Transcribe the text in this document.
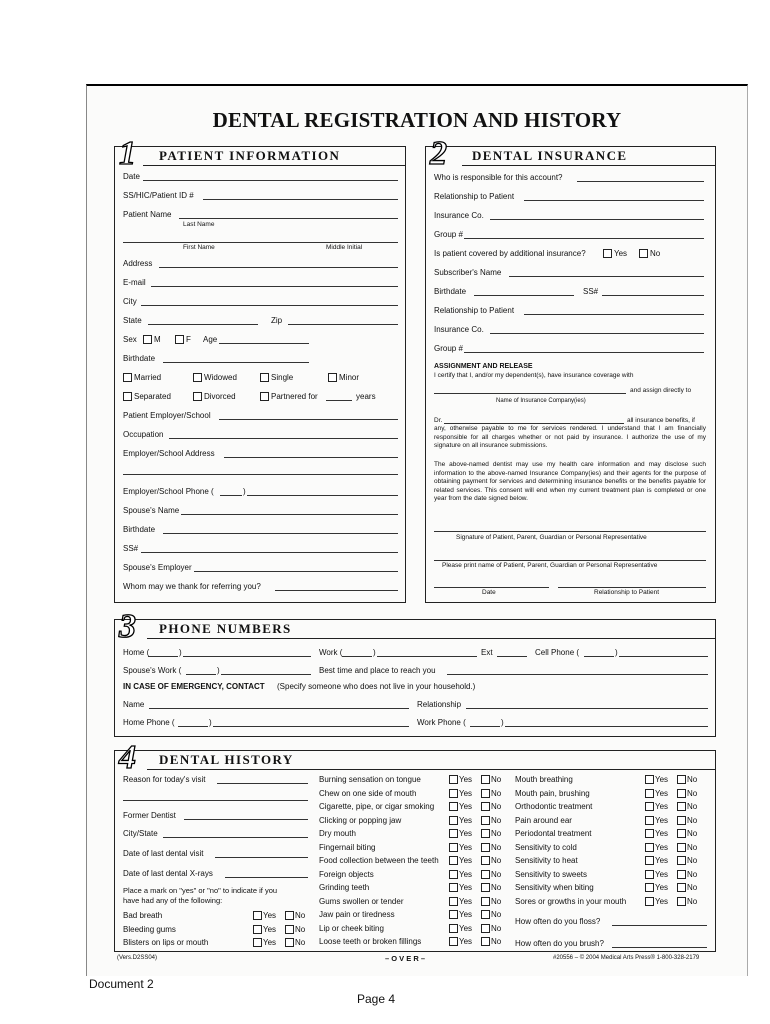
DENTAL REGISTRATION AND HISTORY
PATIENT INFORMATION
1
Date
SS/HIC/Patient ID #
Patient Name
Last Name
First Name	Middle Initial
Address
E-mail
City
State	Zip
Sex M	F Age
Birthdate
Married	Widowed	Single	Minor
Separated	Divorced	Partnered for	years
Patient Employer/School
Occupation
Employer/School Address
Employer/School Phone (	)
Spouse's Name
Birthdate
SS#
Spouse's Employer
Whom may we thank for referring you?
DENTAL INSURANCE
2
Who is responsible for this account?
Relationship to Patient
Insurance Co.
Group #
Is patient covered by additional insurance?	Yes	No
Subscriber's Name
Birthdate	SS#
Relationship to Patient
Insurance Co.
Group #
ASSIGNMENT AND RELEASE
I certify that I, and/or my dependent(s), have insurance coverage with
and assign directly to
Name of Insurance Company(ies)
Dr.	all insurance benefits, if
any, otherwise payable to me for services rendered. I understand that I am financially responsible for all charges whether or not paid by insurance. I authorize the use of my signature on all insurance submissions.
The above-named dentist may use my health care information and may disclose such information to the above-named Insurance Company(ies) and their agents for the purpose of obtaining payment for services and determining insurance benefits or the benefits payable for related services. This consent will end when my current treatment plan is completed or one year from the date signed below.
Signature of Patient, Parent, Guardian or Personal Representative
Please print name of Patient, Parent, Guardian or Personal Representative
Date	Relationship to Patient
PHONE NUMBERS
3
Home (	)	Work (	)	Ext	Cell Phone (	)
Spouse's Work (	)	Best time and place to reach you
IN CASE OF EMERGENCY, CONTACT (Specify someone who does not live in your household.)
Name	Relationship
Home Phone (	)	Work Phone (	)
DENTAL HISTORY
4
Reason for today's visit
Former Dentist
City/State
Date of last dental visit
Date of last dental X-rays
Place a mark on "yes" or "no" to indicate if you
have had any of the following:
Bad breath	Yes No
Bleeding gums	Yes No
Blisters on lips or mouth	Yes No
Burning sensation on tongue	Yes No
Chew on one side of mouth	Yes No
Cigarette, pipe, or cigar smoking	Yes No
Clicking or popping jaw	Yes No
Dry mouth	Yes No
Fingernail biting	Yes No
Food collection between the teeth	Yes No
Foreign objects	Yes No
Grinding teeth	Yes No
Gums swollen or tender	Yes No
Jaw pain or tiredness	Yes No
Lip or cheek biting	Yes No
Loose teeth or broken fillings	Yes No
Mouth breathing	Yes No
Mouth pain, brushing	Yes No
Orthodontic treatment	Yes No
Pain around ear	Yes No
Periodontal treatment	Yes No
Sensitivity to cold	Yes No
Sensitivity to heat	Yes No
Sensitivity to sweets	Yes No
Sensitivity when biting	Yes No
Sores or growths in your mouth	Yes No
How often do you floss?
How often do you brush?
(Vers.D2SS04)	– O V E R –	#20556 – © 2004 Medical Arts Press® 1-800-328-2179
Document 2
Page 4
